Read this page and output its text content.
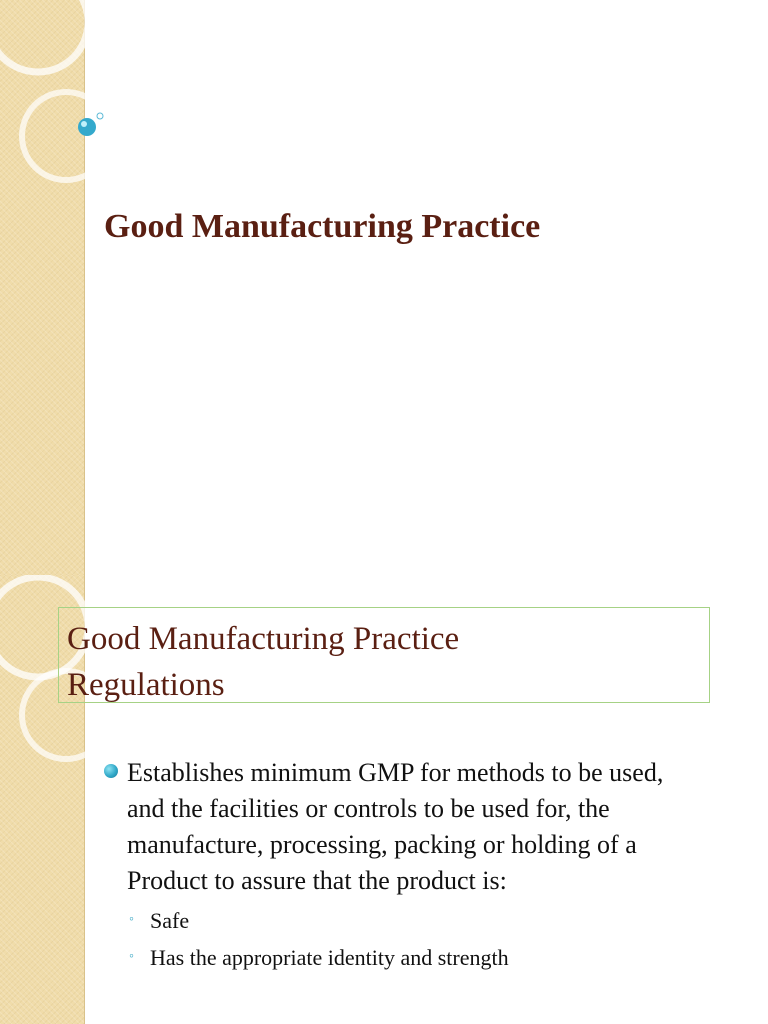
Good Manufacturing Practice
Good Manufacturing Practice
Regulations
Establishes minimum GMP for methods to be used, and the facilities or controls to be used for, the manufacture, processing, packing or holding of a Product to assure that the product is:
◦ Safe
◦ Has the appropriate identity and strength
